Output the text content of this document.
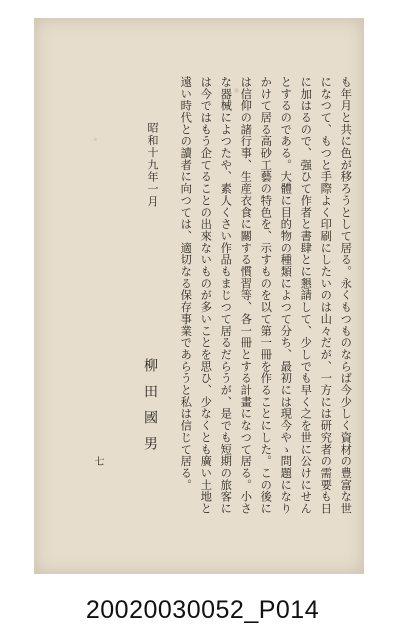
も年月と共に色が移ろうとして居る。永くもつものならば今少しく資材の豊富な世
になつて、もつと手際よく印刷にしたいのは山々だが、一方には研究者の需要も日
に加はるので、强ひて作者と書肆とに懇請して、少しでも早く之を世に公けにせん
とするのである。大體に目的物の種類によつて分ち、最初には現今やゝ問題になり
かけて居る高砂工藝の特色を、示すものを以て第一冊を作ることにした。この後に
は信仰の諸行事、生産衣食に關する慣習等、各一冊とする計畫になつて居る。小さ
な器械によつたや、素人くさい作品もまじつて居るだらうが、是でも短期の旅客に
は今ではもう企てることの出來ないものが多いことを思ひ、少なくとも廣い土地と
遠い時代との讀者に向つては、適切なる保存事業であらうと私は信じて居る。
昭和十九年一月
柳田國男
七
20020030052_P014
